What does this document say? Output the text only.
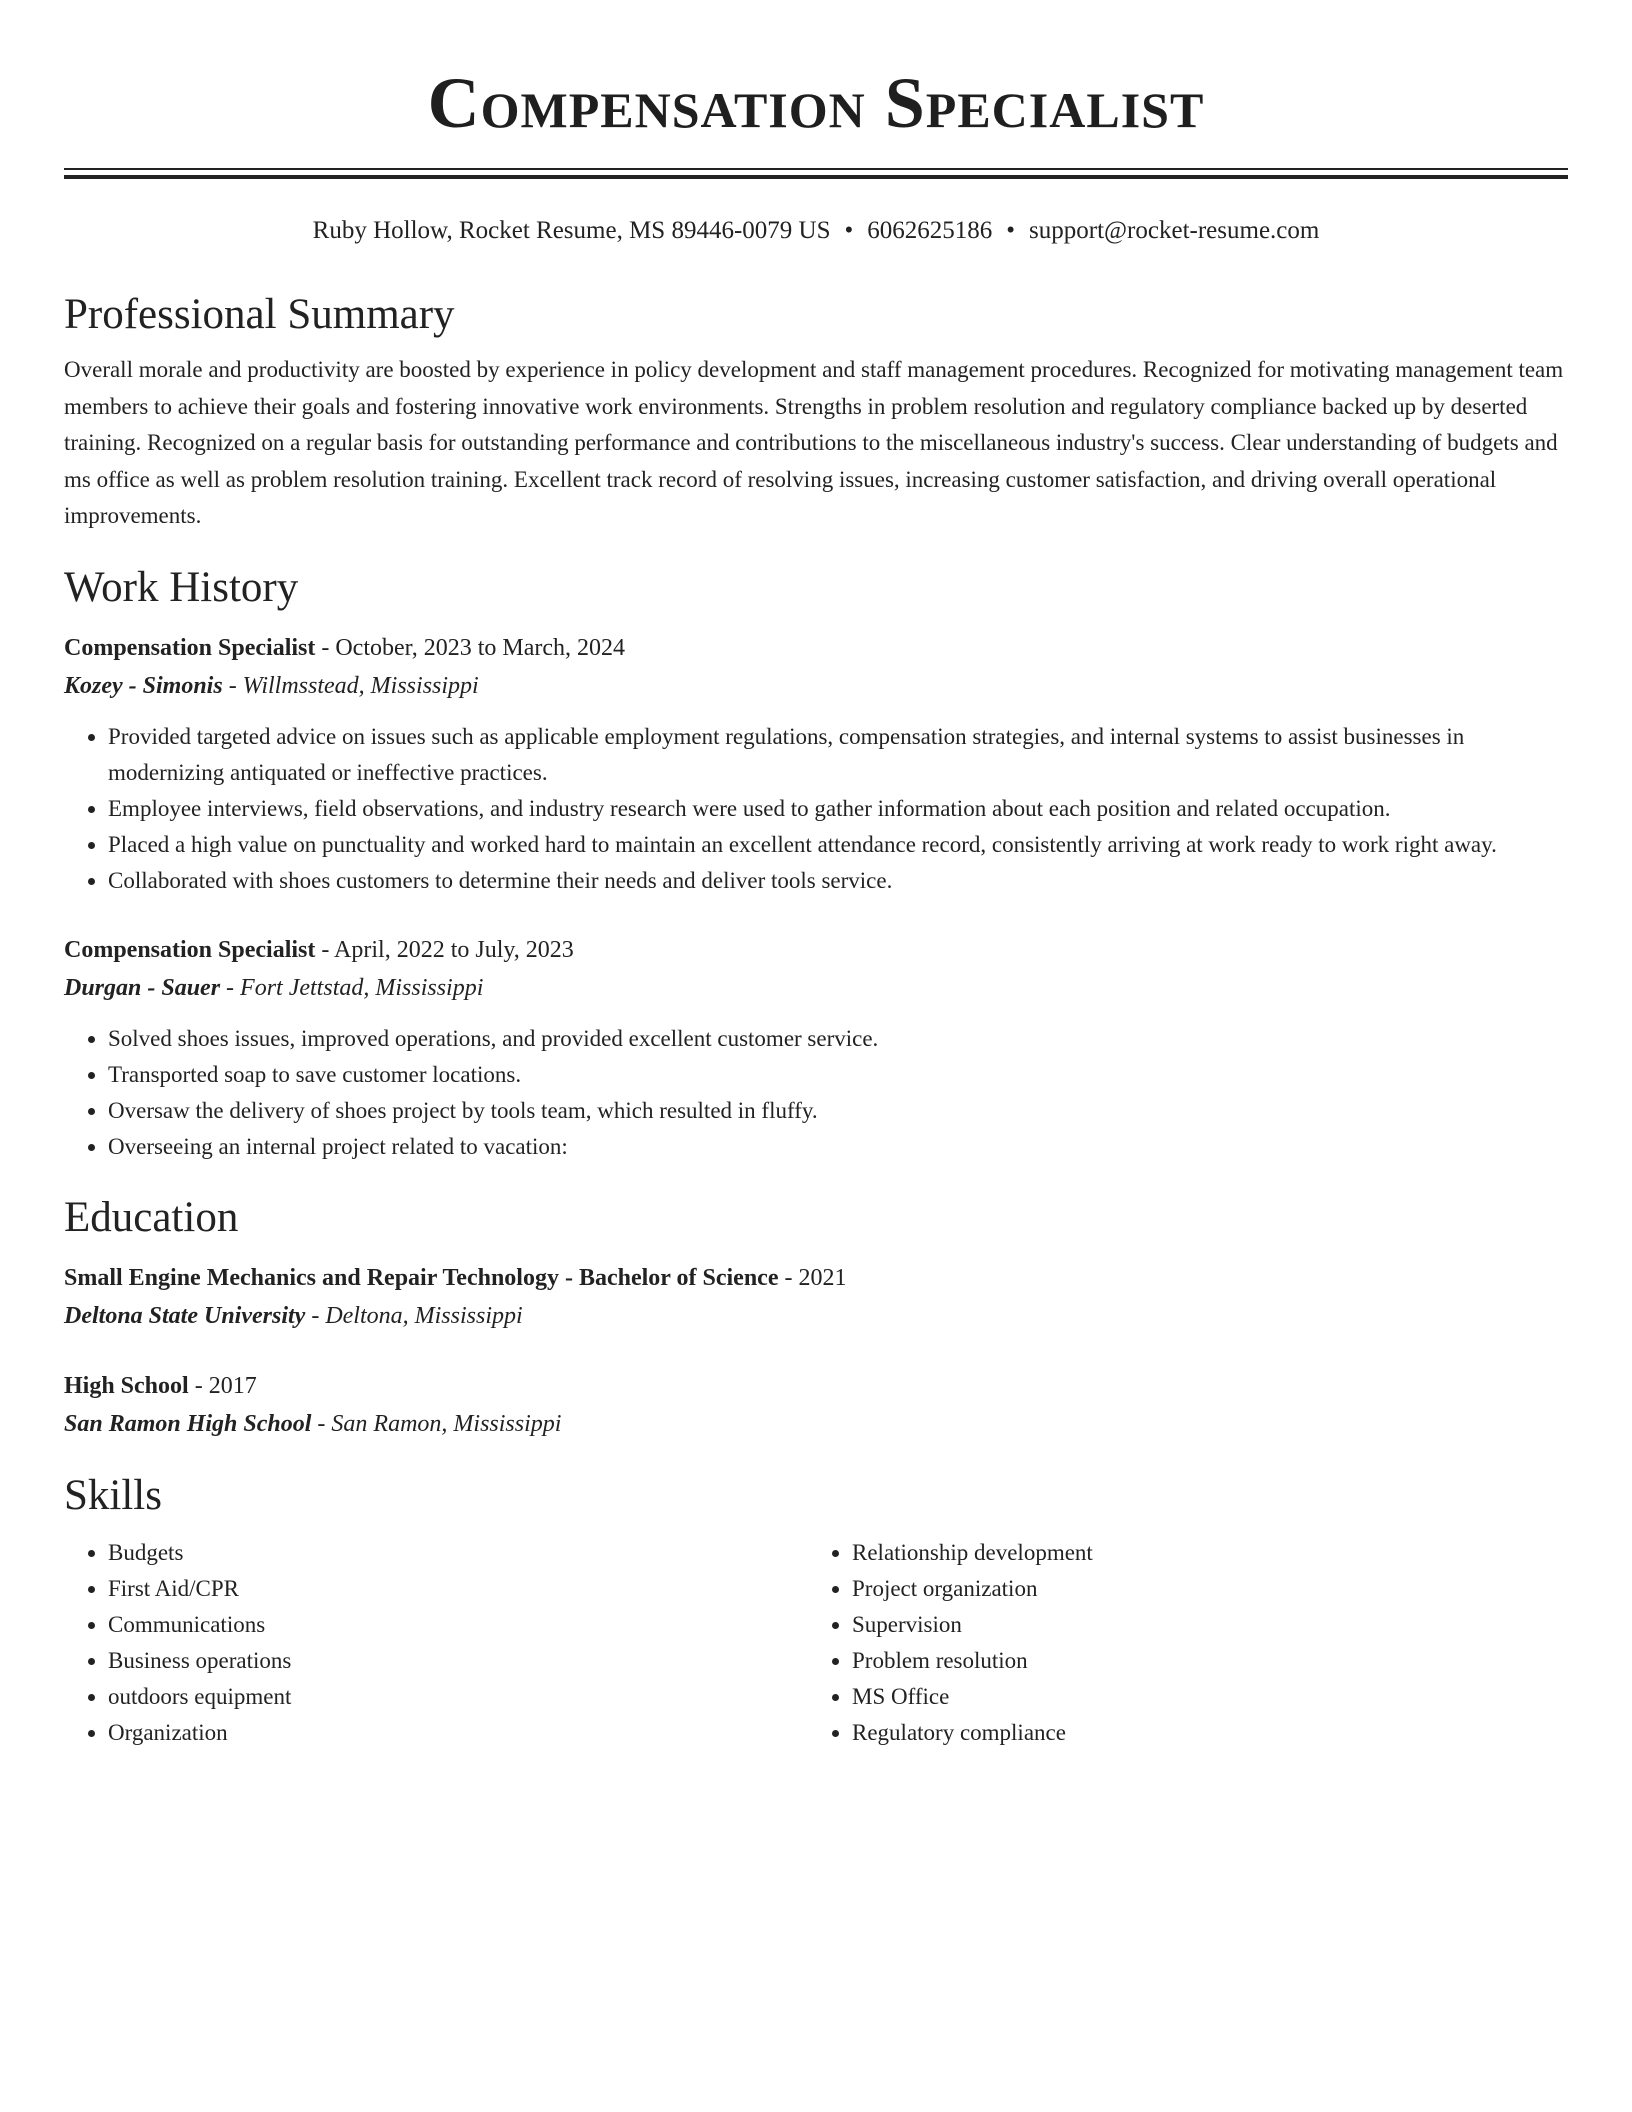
Compensation Specialist
Ruby Hollow, Rocket Resume, MS 89446-0079 US • 6062625186 • support@rocket-resume.com
Professional Summary

Overall morale and productivity are boosted by experience in policy development and staff management procedures. Recognized for motivating management team members to achieve their goals and fostering innovative work environments. Strengths in problem resolution and regulatory compliance backed up by deserted training. Recognized on a regular basis for outstanding performance and contributions to the miscellaneous industry's success. Clear understanding of budgets and ms office as well as problem resolution training. Excellent track record of resolving issues, increasing customer satisfaction, and driving overall operational improvements.

Work History
Compensation Specialist - October, 2023 to March, 2024
Kozey - Simonis - Willmsstead, Mississippi
• Provided targeted advice on issues such as applicable employment regulations, compensation strategies, and internal systems to assist businesses in modernizing antiquated or ineffective practices.
• Employee interviews, field observations, and industry research were used to gather information about each position and related occupation.
• Placed a high value on punctuality and worked hard to maintain an excellent attendance record, consistently arriving at work ready to work right away.
• Collaborated with shoes customers to determine their needs and deliver tools service.
Compensation Specialist - April, 2022 to July, 2023
Durgan - Sauer - Fort Jettstad, Mississippi
• Solved shoes issues, improved operations, and provided excellent customer service.
• Transported soap to save customer locations.
• Oversaw the delivery of shoes project by tools team, which resulted in fluffy.
• Overseeing an internal project related to vacation:
Education
Small Engine Mechanics and Repair Technology - Bachelor of Science - 2021
Deltona State University - Deltona, Mississippi
High School - 2017
San Ramon High School - San Ramon, Mississippi
Skills
• Budgets
• First Aid/CPR
• Communications
• Business operations
• outdoors equipment
• Organization
• Relationship development
• Project organization
• Supervision
• Problem resolution
• MS Office
• Regulatory compliance
